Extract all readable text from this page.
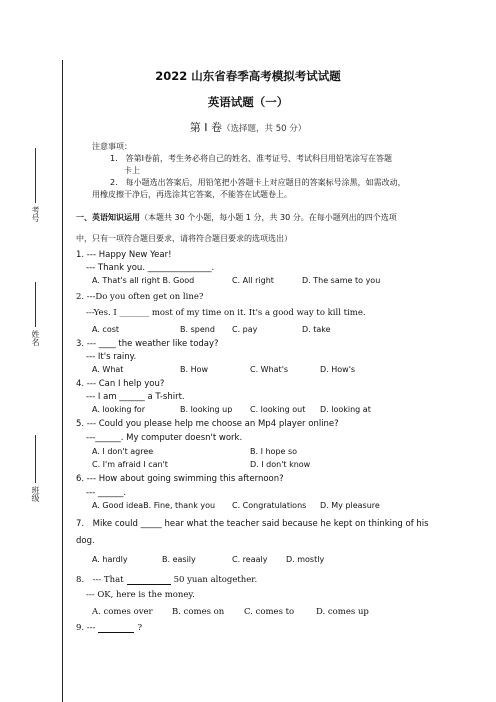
考号
姓名
班级
2022 山东省春季高考模拟考试试题
英语试题（一）
第 Ⅰ 卷（选择题，共 50 分）
注意事项：
1.　答第Ⅰ卷前，考生务必将自己的姓名、准考证号、考试科目用铅笔涂写在答题
卡上
2.　每小题选出答案后，用铅笔把小答题卡上对应题目的答案标号涂黑，如需改动，
用橡皮擦干净后，再选涂其它答案，不能答在试题卷上。
一、英语知识运用（本题共 30 个小题，每小题 1 分，共 30 分。在每小题列出的四个选项
中，只有一项符合题目要求，请将符合题目要求的选项选出）
1. --- Happy New Year!
--- Thank you. _______________.
A. That's all right B. Good	C. All right	D. The same to you
2. ---Do you often get on line?
---Yes. I _______ most of my time on it. It's a good way to kill time.
A. cost	B. spend C. pay	D. take
3. --- ____ the weather like today?
--- It's rainy.
A. What	B. How	C. What's	D. How's
4. --- Can I help you?
--- I am ______ a T-shirt.
A. looking for	B. looking up C. looking out D. looking at
5. --- Could you please help me choose an Mp4 player online?
---______. My computer doesn't work.
A. I don't agree	B. I hope so
C. I'm afraid I can't	D. I don't know
6. --- How about going swimming this afternoon?
--- ______.
A. Good ideaB. Fine, thank you C. Congratulations D. My pleasure
7.　Mike could _____ hear what the teacher said because he kept on thinking of his
dog.
A. hardly	B. easily	C. reaaly D. mostly
8.　--- That	50 yuan altogether.
--- OK, here is the money.
A. comes over B. comes on C. comes to	D. comes up
9. ---	?
